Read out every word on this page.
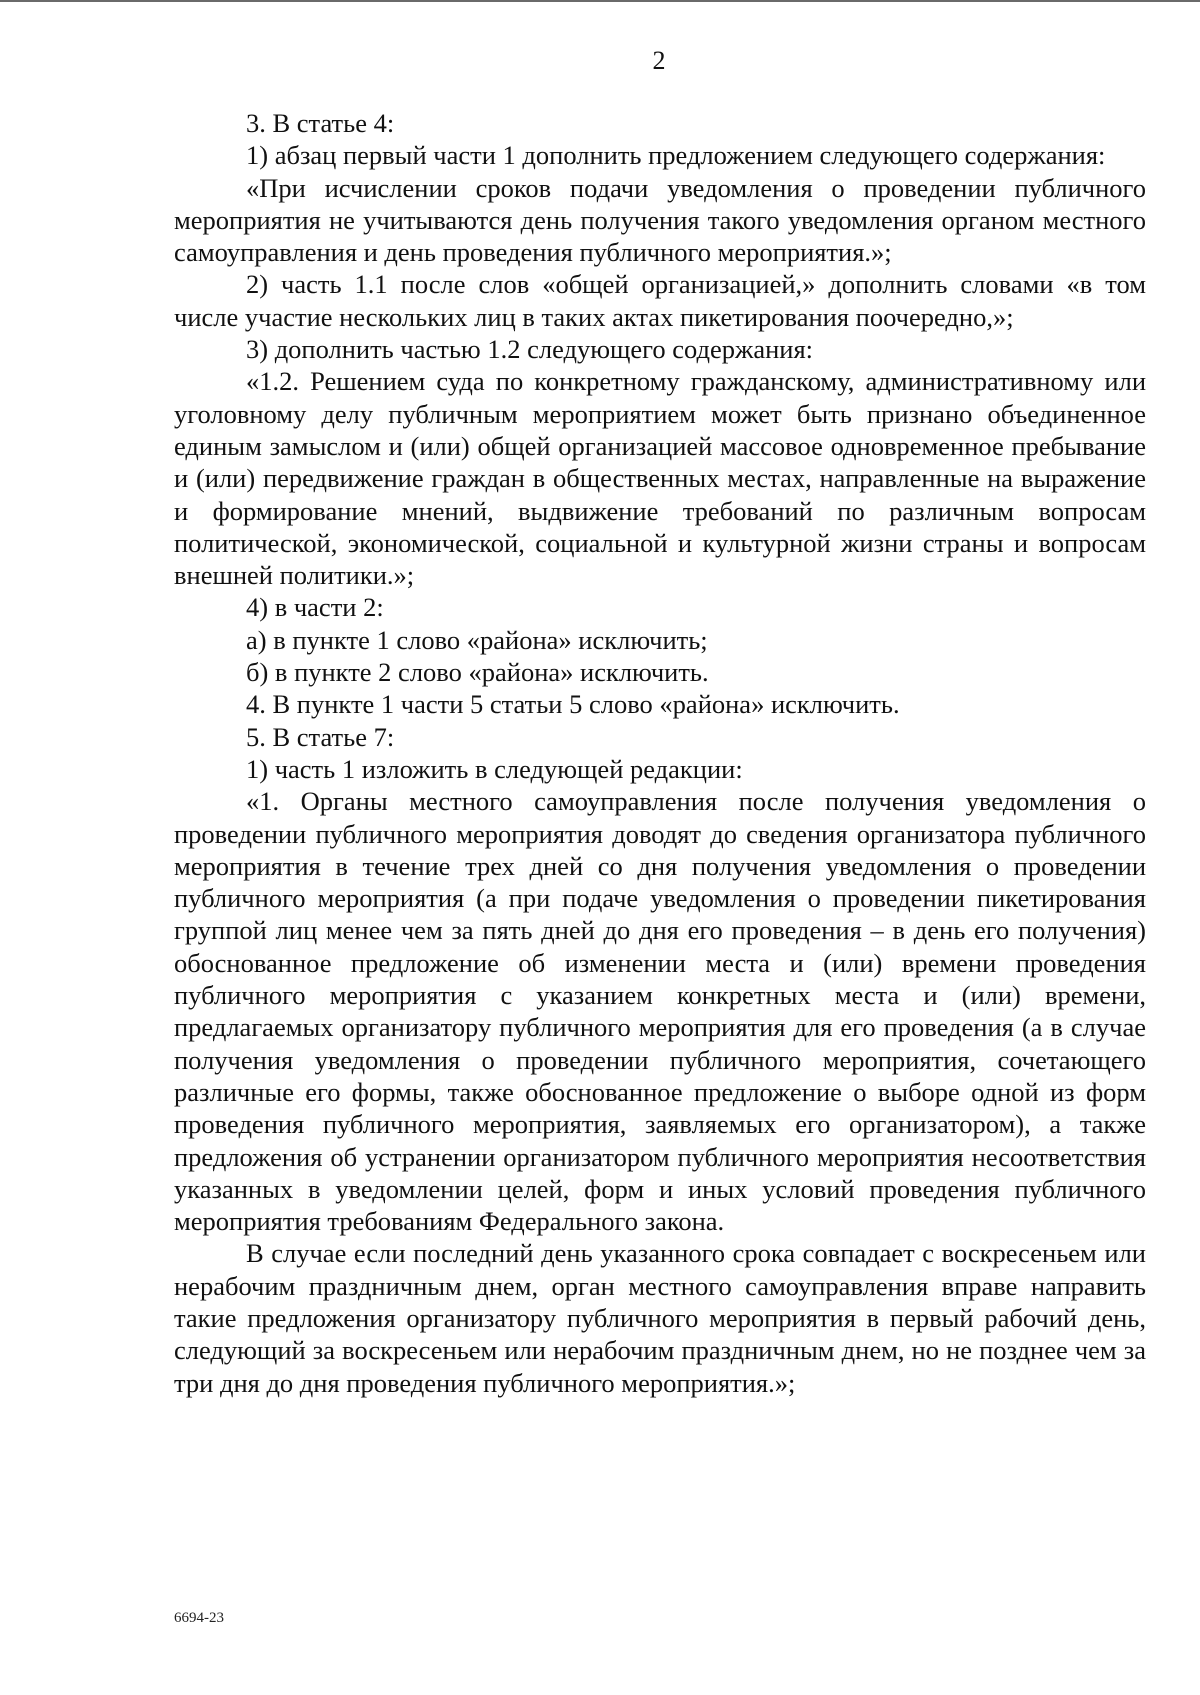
2

3. В статье 4:

1) абзац первый части 1 дополнить предложением следующего содержания:

«При исчислении сроков подачи уведомления о проведении публичного мероприятия не учитываются день получения такого уведомления органом местного самоуправления и день проведения публичного мероприятия.»;

2) часть 1.1 после слов «общей организацией,» дополнить словами «в том числе участие нескольких лиц в таких актах пикетирования поочередно,»;

3) дополнить частью 1.2 следующего содержания:

«1.2. Решением суда по конкретному гражданскому, административному или уголовному делу публичным мероприятием может быть признано объединенное единым замыслом и (или) общей организацией массовое одновременное пребывание и (или) передвижение граждан в общественных местах, направленные на выражение и формирование мнений, выдвижение требований по различным вопросам политической, экономической, социальной и культурной жизни страны и вопросам внешней политики.»;

4) в части 2:

а) в пункте 1 слово «района» исключить;

б) в пункте 2 слово «района» исключить.

4. В пункте 1 части 5 статьи 5 слово «района» исключить.

5. В статье 7:

1) часть 1 изложить в следующей редакции:

«1. Органы местного самоуправления после получения уведомления о проведении публичного мероприятия доводят до сведения организатора публичного мероприятия в течение трех дней со дня получения уведомления о проведении публичного мероприятия (а при подаче уведомления о проведении пикетирования группой лиц менее чем за пять дней до дня его проведения – в день его получения) обоснованное предложение об изменении места и (или) времени проведения публичного мероприятия с указанием конкретных места и (или) времени, предлагаемых организатору публичного мероприятия для его проведения (а в случае получения уведомления о проведении публичного мероприятия, сочетающего различные его формы, также обоснованное предложение о выборе одной из форм проведения публичного мероприятия, заявляемых его организатором), а также предложения об устранении организатором публичного мероприятия несоответствия указанных в уведомлении целей, форм и иных условий проведения публичного мероприятия требованиям Федерального закона.

В случае если последний день указанного срока совпадает с воскресеньем или нерабочим праздничным днем, орган местного самоуправления вправе направить такие предложения организатору публичного мероприятия в первый рабочий день, следующий за воскресеньем или нерабочим праздничным днем, но не позднее чем за три дня до дня проведения публичного мероприятия.»;

6694-23
